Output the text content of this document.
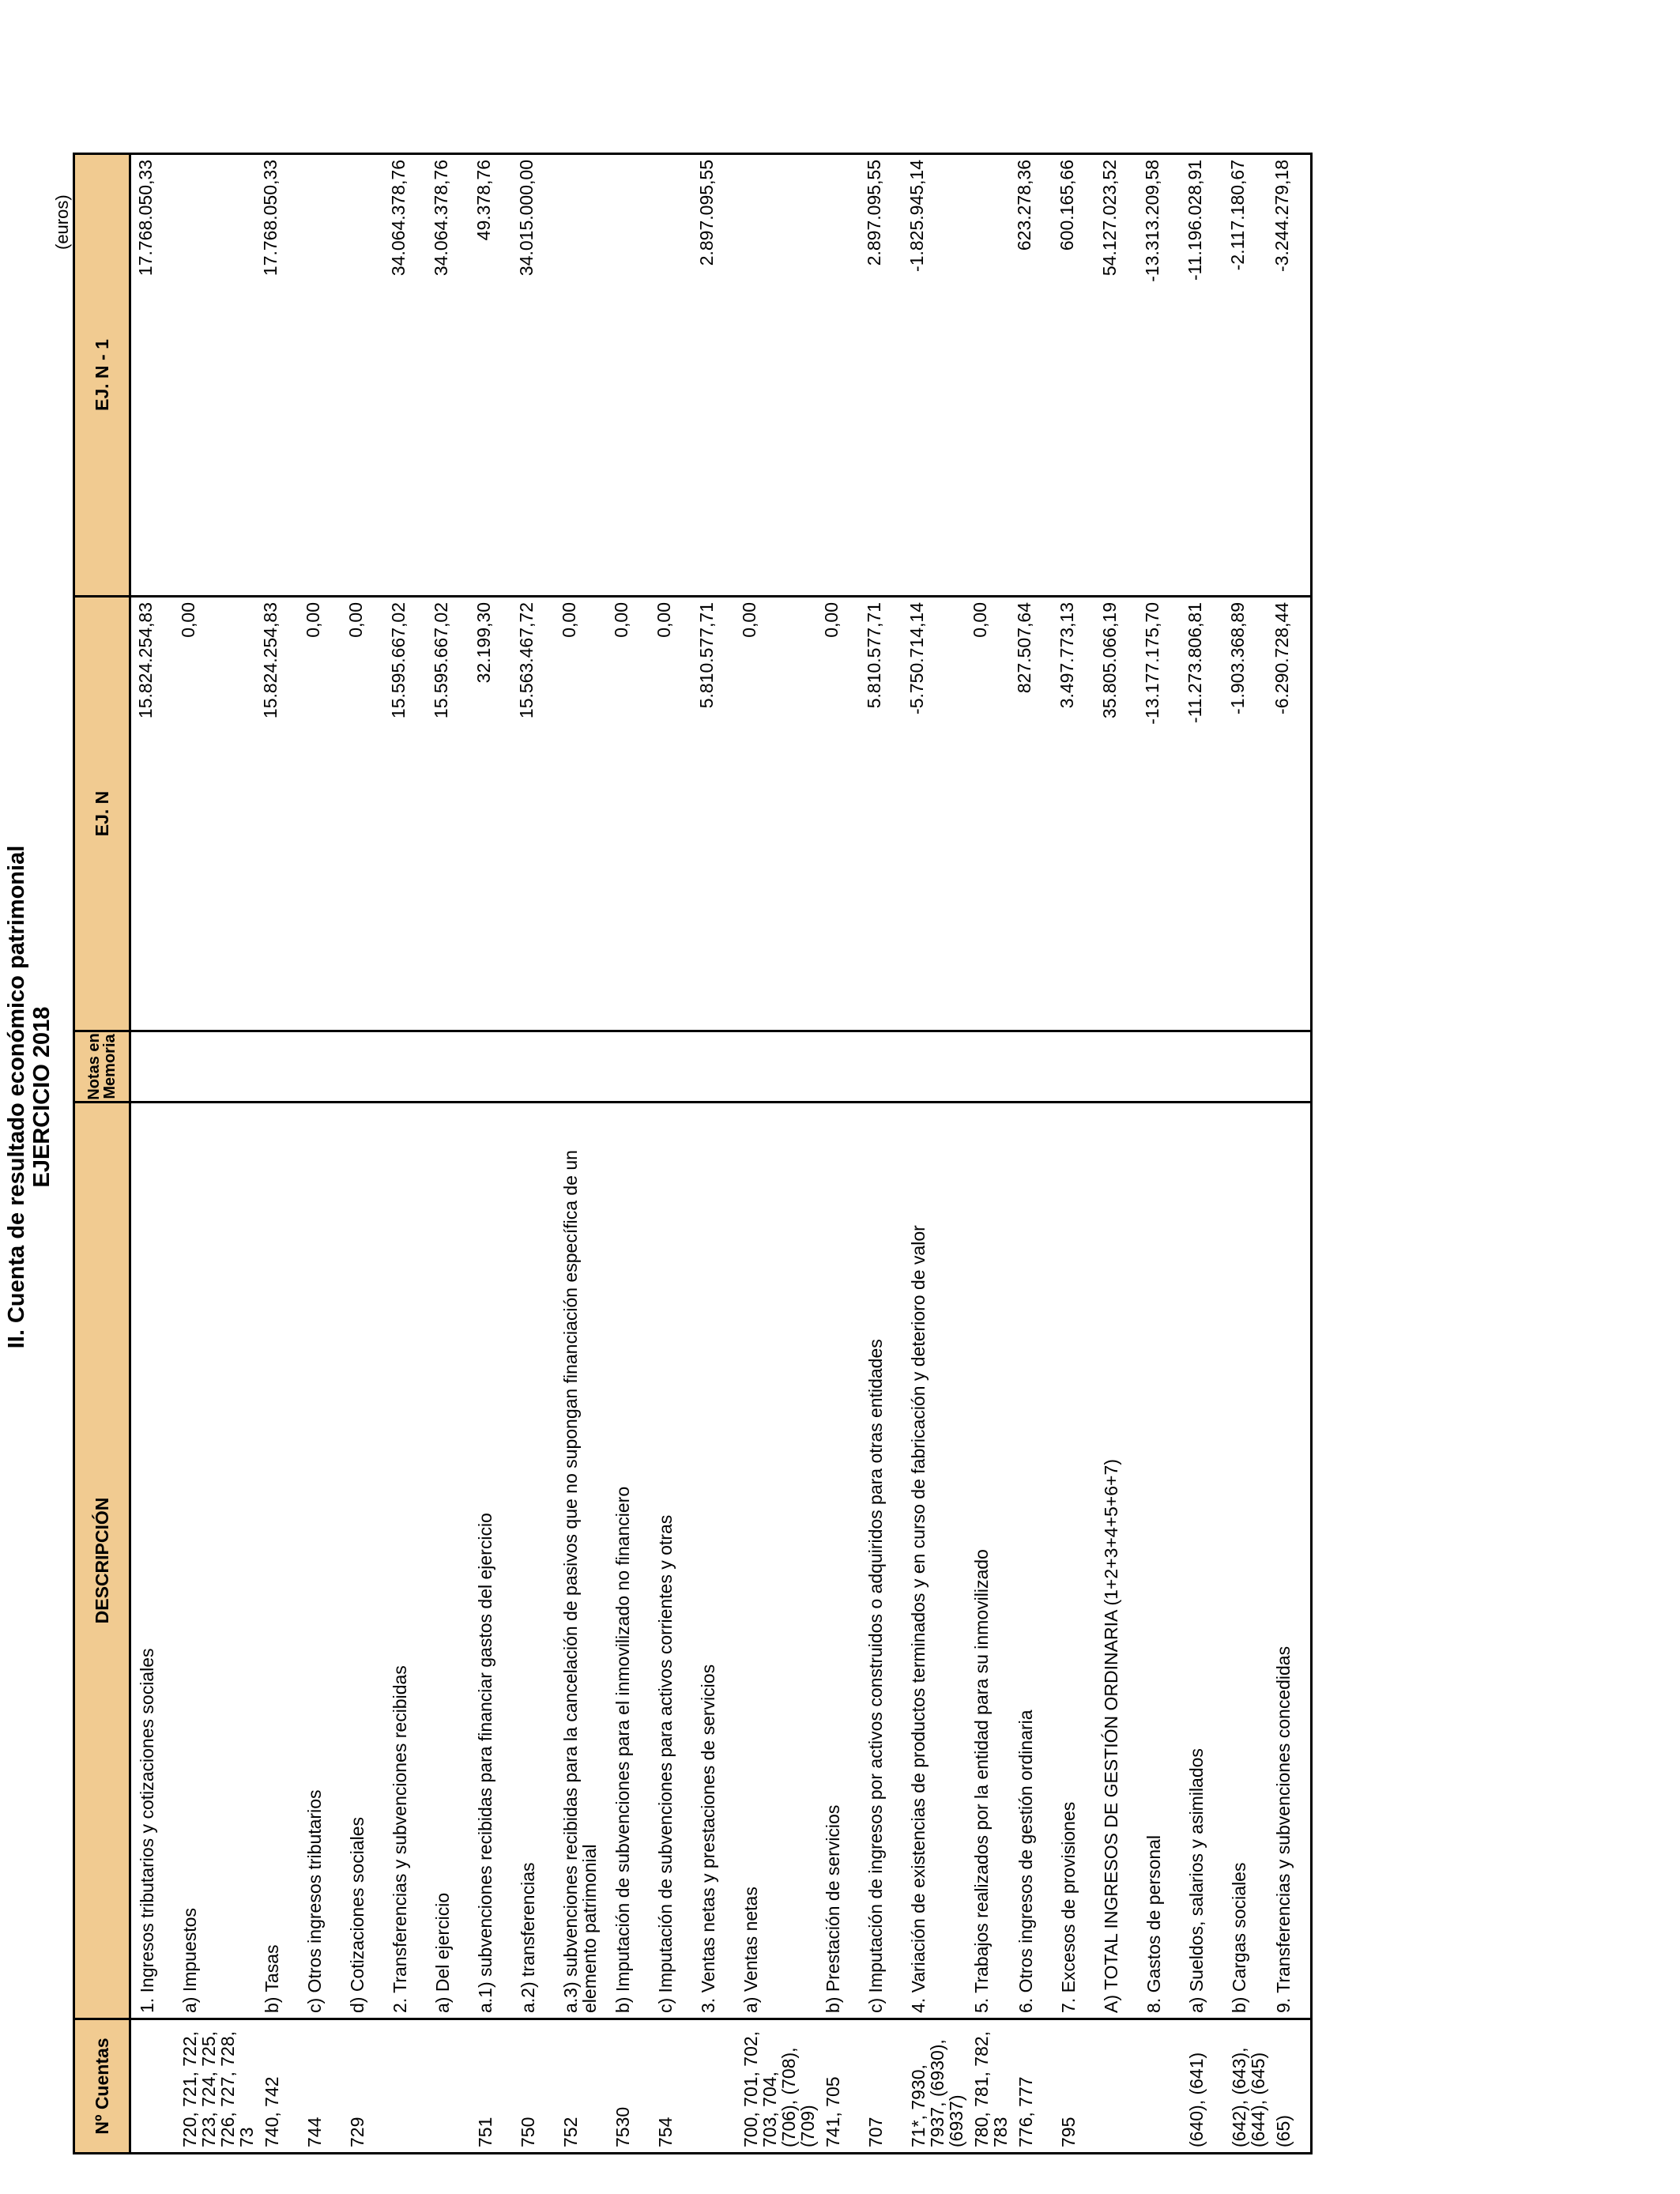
II. Cuenta de resultado económico patrimonial EJERCICIO 2018
(euros)
Nº Cuentas	DESCRIPCIÓN	Notas en Memoria	EJ. N	EJ. N - 1
	1. Ingresos tributarios y cotizaciones sociales		15.824.254,83	17.768.050,33
720, 721, 722, 723, 724, 725, 726, 727, 728, 73	a) Impuestos		0,00	
740, 742	b) Tasas		15.824.254,83	17.768.050,33
744	c) Otros ingresos tributarios		0,00	
729	d) Cotizaciones sociales		0,00	
	2. Transferencias y subvenciones recibidas		15.595.667,02	34.064.378,76
	a) Del ejercicio		15.595.667,02	34.064.378,76
751	a.1) subvenciones recibidas para financiar gastos del ejercicio		32.199,30	49.378,76
750	a.2) transferencias		15.563.467,72	34.015.000,00
752	a.3) subvenciones recibidas para la cancelación de pasivos que no supongan financiación específica de un elemento patrimonial		0,00	
7530	b) Imputación de subvenciones para el inmovilizado no financiero		0,00	
754	c) Imputación de subvenciones para activos corrientes y otras		0,00	
	3. Ventas netas y prestaciones de servicios		5.810.577,71	2.897.095,55
700, 701, 702, 703, 704, (706), (708), (709)	a) Ventas netas		0,00	
741, 705	b) Prestación de servicios		0,00	
707	c) Imputación de ingresos por activos construidos o adquiridos para otras entidades		5.810.577,71	2.897.095,55
71*, 7930, 7937, (6930), (6937)	4. Variación de existencias de productos terminados y en curso de fabricación y deterioro de valor		-5.750.714,14	-1.825.945,14
780, 781, 782, 783	5. Trabajos realizados por la entidad para su inmovilizado		0,00	
776, 777	6. Otros ingresos de gestión ordinaria		827.507,64	623.278,36
795	7. Excesos de provisiones		3.497.773,13	600.165,66
	A) TOTAL INGRESOS DE GESTIÓN ORDINARIA (1+2+3+4+5+6+7)		35.805.066,19	54.127.023,52
	8. Gastos de personal		-13.177.175,70	-13.313.209,58
(640), (641)	a) Sueldos, salarios y asimilados		-11.273.806,81	-11.196.028,91
(642), (643), (644), (645)	b) Cargas sociales		-1.903.368,89	-2.117.180,67
(65)	9. Transferencias y subvenciones concedidas		-6.290.728,44	-3.244.279,18
